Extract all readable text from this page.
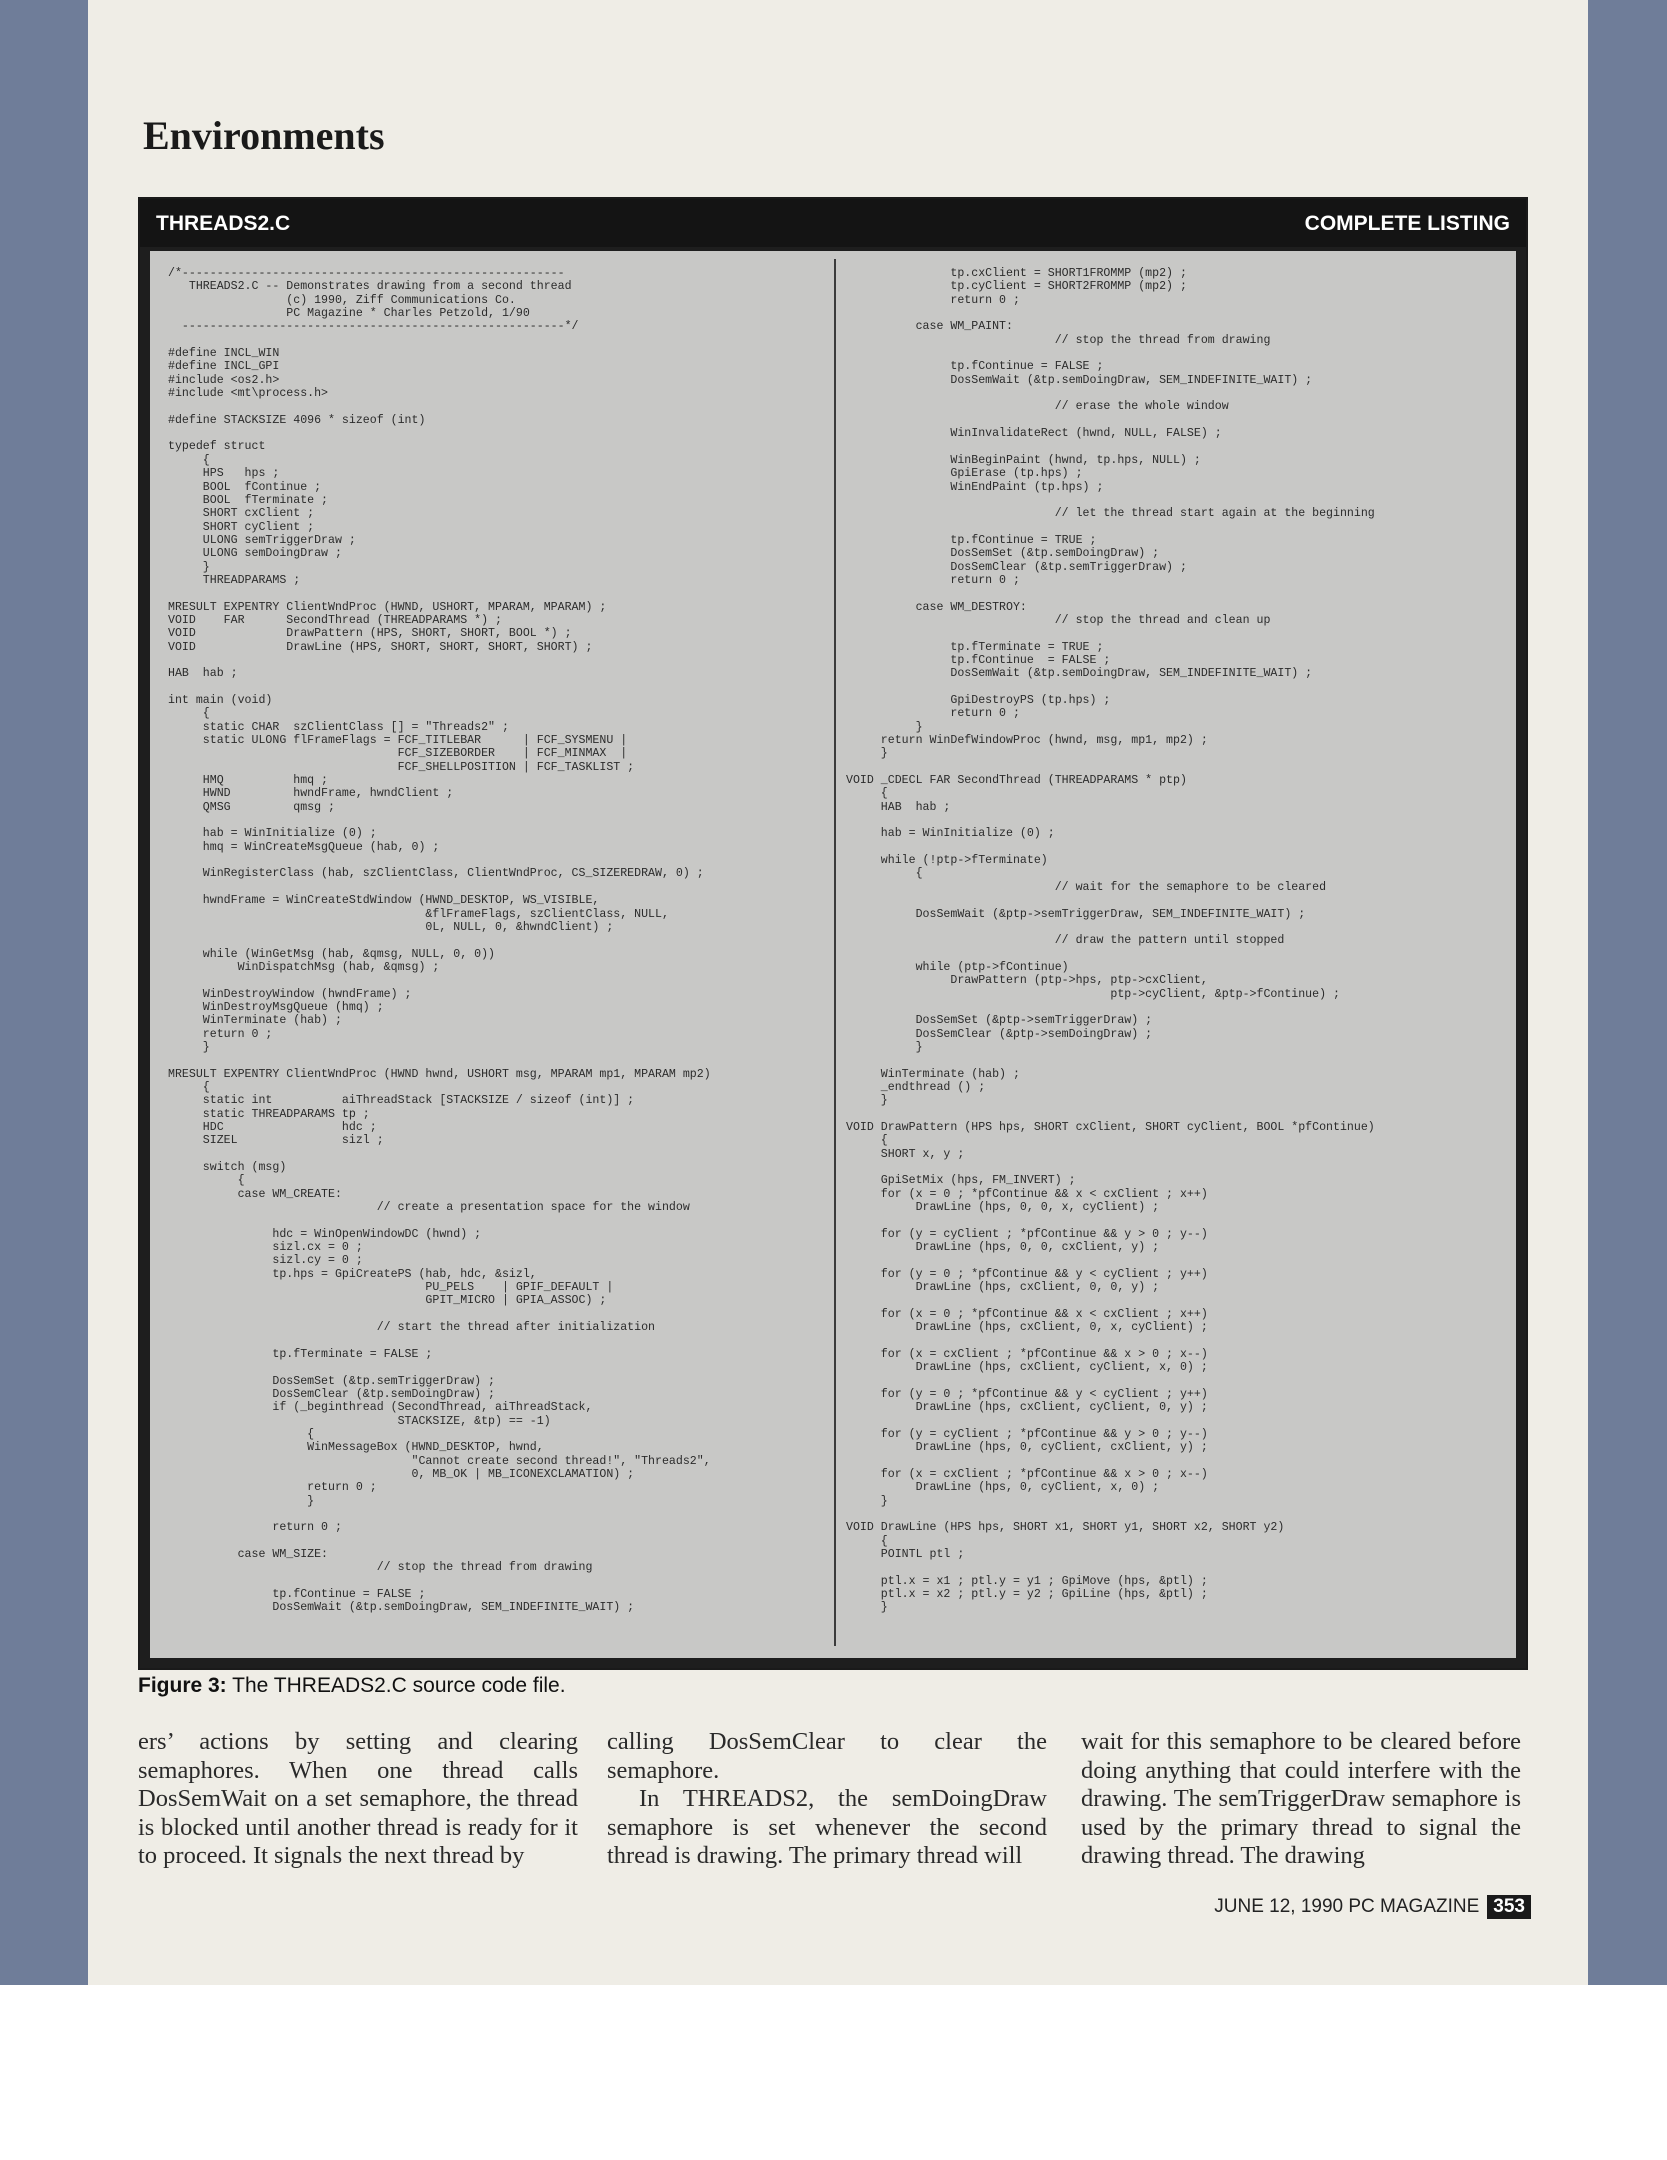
Environments
THREADS2.C	COMPLETE LISTING
/*-------------------------------------------------------
THREADS2.C -- Demonstrates drawing from a second thread
(c) 1990, Ziff Communications Co.
PC Magazine * Charles Petzold, 1/90
-------------------------------------------------------*/

#define INCL_WIN
#define INCL_GPI
#include <os2.h>
#include <mt\process.h>

#define STACKSIZE 4096 * sizeof (int)

typedef struct
{
HPS   hps ;
BOOL  fContinue ;
BOOL  fTerminate ;
SHORT cxClient ;
SHORT cyClient ;
ULONG semTriggerDraw ;
ULONG semDoingDraw ;
}
THREADPARAMS ;

MRESULT EXPENTRY ClientWndProc (HWND, USHORT, MPARAM, MPARAM) ;
VOID    FAR      SecondThread (THREADPARAMS *) ;
VOID             DrawPattern (HPS, SHORT, SHORT, BOOL *) ;
VOID             DrawLine (HPS, SHORT, SHORT, SHORT, SHORT) ;

HAB  hab ;

int main (void)
{
static CHAR  szClientClass [] = "Threads2" ;
static ULONG flFrameFlags = FCF_TITLEBAR      | FCF_SYSMENU |
FCF_SIZEBORDER    | FCF_MINMAX  |
FCF_SHELLPOSITION | FCF_TASKLIST ;
HMQ          hmq ;
HWND         hwndFrame, hwndClient ;
QMSG         qmsg ;

hab = WinInitialize (0) ;
hmq = WinCreateMsgQueue (hab, 0) ;

WinRegisterClass (hab, szClientClass, ClientWndProc, CS_SIZEREDRAW, 0) ;

hwndFrame = WinCreateStdWindow (HWND_DESKTOP, WS_VISIBLE,
&flFrameFlags, szClientClass, NULL,
0L, NULL, 0, &hwndClient) ;

while (WinGetMsg (hab, &qmsg, NULL, 0, 0))
WinDispatchMsg (hab, &qmsg) ;

WinDestroyWindow (hwndFrame) ;
WinDestroyMsgQueue (hmq) ;
WinTerminate (hab) ;
return 0 ;
}

MRESULT EXPENTRY ClientWndProc (HWND hwnd, USHORT msg, MPARAM mp1, MPARAM mp2)
{
static int          aiThreadStack [STACKSIZE / sizeof (int)] ;
static THREADPARAMS tp ;
HDC                 hdc ;
SIZEL               sizl ;

switch (msg)
{
case WM_CREATE:
// create a presentation space for the window

hdc = WinOpenWindowDC (hwnd) ;
sizl.cx = 0 ;
sizl.cy = 0 ;
tp.hps = GpiCreatePS (hab, hdc, &sizl,
PU_PELS    | GPIF_DEFAULT |
GPIT_MICRO | GPIA_ASSOC) ;

// start the thread after initialization

tp.fTerminate = FALSE ;

DosSemSet (&tp.semTriggerDraw) ;
DosSemClear (&tp.semDoingDraw) ;
if (_beginthread (SecondThread, aiThreadStack,
STACKSIZE, &tp) == -1)
{
WinMessageBox (HWND_DESKTOP, hwnd,
"Cannot create second thread!", "Threads2",
0, MB_OK | MB_ICONEXCLAMATION) ;
return 0 ;
}

return 0 ;

case WM_SIZE:
// stop the thread from drawing

tp.fContinue = FALSE ;
DosSemWait (&tp.semDoingDraw, SEM_INDEFINITE_WAIT) ;
tp.cxClient = SHORT1FROMMP (mp2) ;
tp.cyClient = SHORT2FROMMP (mp2) ;
return 0 ;

case WM_PAINT:
// stop the thread from drawing

tp.fContinue = FALSE ;
DosSemWait (&tp.semDoingDraw, SEM_INDEFINITE_WAIT) ;

// erase the whole window

WinInvalidateRect (hwnd, NULL, FALSE) ;

WinBeginPaint (hwnd, tp.hps, NULL) ;
GpiErase (tp.hps) ;
WinEndPaint (tp.hps) ;

// let the thread start again at the beginning

tp.fContinue = TRUE ;
DosSemSet (&tp.semDoingDraw) ;
DosSemClear (&tp.semTriggerDraw) ;
return 0 ;

case WM_DESTROY:
// stop the thread and clean up

tp.fTerminate = TRUE ;
tp.fContinue  = FALSE ;
DosSemWait (&tp.semDoingDraw, SEM_INDEFINITE_WAIT) ;

GpiDestroyPS (tp.hps) ;
return 0 ;
}
return WinDefWindowProc (hwnd, msg, mp1, mp2) ;
}

VOID _CDECL FAR SecondThread (THREADPARAMS * ptp)
{
HAB  hab ;

hab = WinInitialize (0) ;

while (!ptp->fTerminate)
{
// wait for the semaphore to be cleared

DosSemWait (&ptp->semTriggerDraw, SEM_INDEFINITE_WAIT) ;

// draw the pattern until stopped

while (ptp->fContinue)
DrawPattern (ptp->hps, ptp->cxClient,
ptp->cyClient, &ptp->fContinue) ;

DosSemSet (&ptp->semTriggerDraw) ;
DosSemClear (&ptp->semDoingDraw) ;
}

WinTerminate (hab) ;
_endthread () ;
}

VOID DrawPattern (HPS hps, SHORT cxClient, SHORT cyClient, BOOL *pfContinue)
{
SHORT x, y ;

GpiSetMix (hps, FM_INVERT) ;
for (x = 0 ; *pfContinue && x < cxClient ; x++)
DrawLine (hps, 0, 0, x, cyClient) ;

for (y = cyClient ; *pfContinue && y > 0 ; y--)
DrawLine (hps, 0, 0, cxClient, y) ;

for (y = 0 ; *pfContinue && y < cyClient ; y++)
DrawLine (hps, cxClient, 0, 0, y) ;

for (x = 0 ; *pfContinue && x < cxClient ; x++)
DrawLine (hps, cxClient, 0, x, cyClient) ;

for (x = cxClient ; *pfContinue && x > 0 ; x--)
DrawLine (hps, cxClient, cyClient, x, 0) ;

for (y = 0 ; *pfContinue && y < cyClient ; y++)
DrawLine (hps, cxClient, cyClient, 0, y) ;

for (y = cyClient ; *pfContinue && y > 0 ; y--)
DrawLine (hps, 0, cyClient, cxClient, y) ;

for (x = cxClient ; *pfContinue && x > 0 ; x--)
DrawLine (hps, 0, cyClient, x, 0) ;
}

VOID DrawLine (HPS hps, SHORT x1, SHORT y1, SHORT x2, SHORT y2)
{
POINTL ptl ;

ptl.x = x1 ; ptl.y = y1 ; GpiMove (hps, &ptl) ;
ptl.x = x2 ; ptl.y = y2 ; GpiLine (hps, &ptl) ;
}

Figure 3: The THREADS2.C source code file.

ers’ actions by setting and clearing semaphores. When one thread calls DosSemWait on a set semaphore, the thread is blocked until another thread is ready for it to proceed. It signals the next thread by

calling DosSemClear to clear the semaphore.
In THREADS2, the semDoingDraw semaphore is set whenever the second thread is drawing. The primary thread will

wait for this semaphore to be cleared before doing anything that could interfere with the drawing. The semTriggerDraw semaphore is used by the primary thread to signal the drawing thread. The drawing

JUNE 12, 1990 PC MAGAZINE 353
